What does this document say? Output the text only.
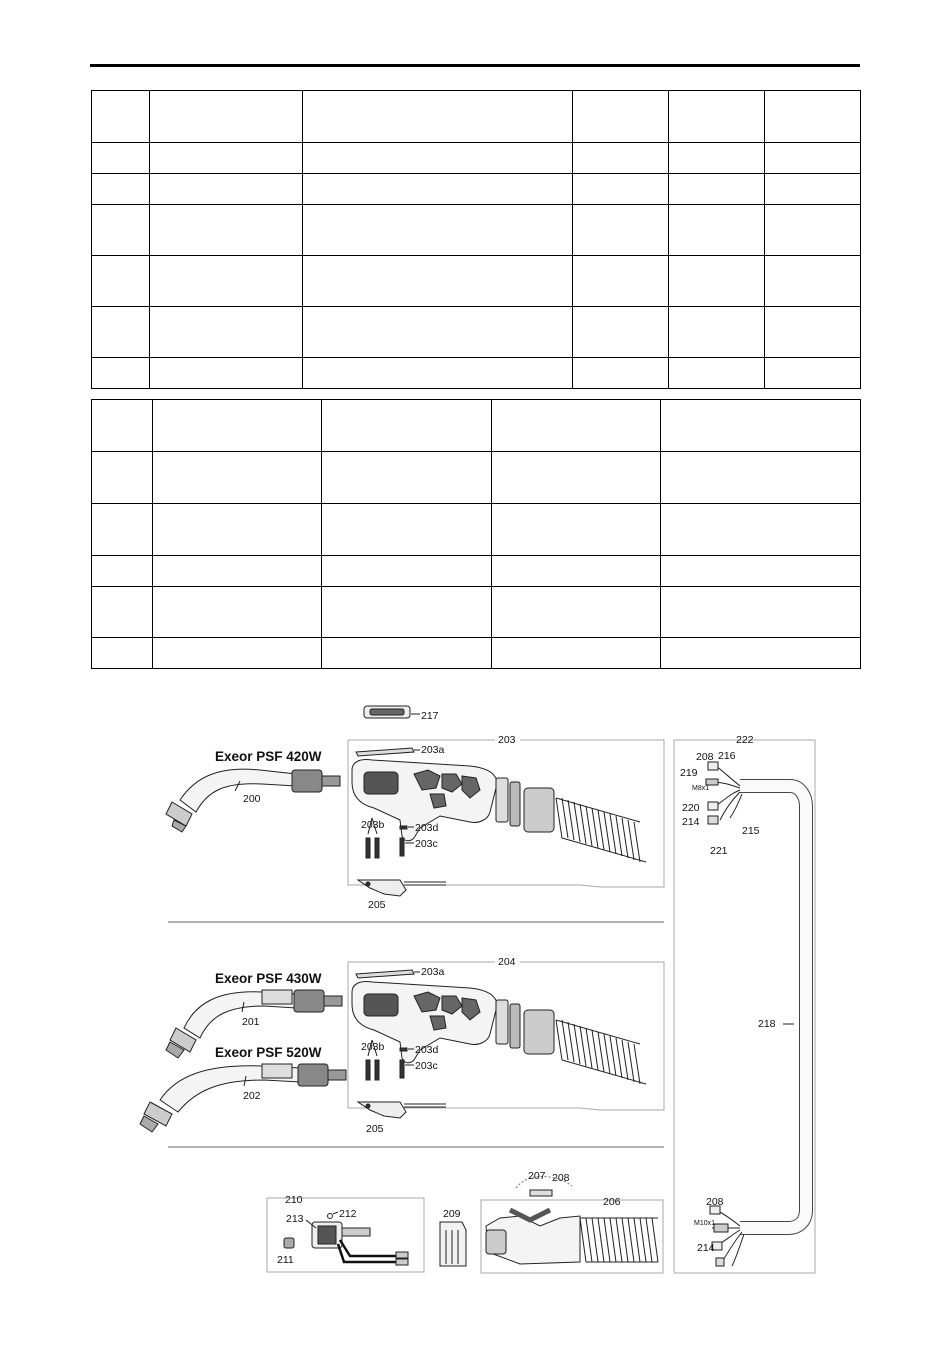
217
203
203a
203b	203d
203c
205
Exeor PSF 420W
200
204
203a
203b	203d
203c
205
Exeor PSF 430W
201
Exeor PSF 520W
202
210
213	212
211
209
206
207 208
222
218
208 216
219
M8x1
220
214
215
221
208
M10x1
214
